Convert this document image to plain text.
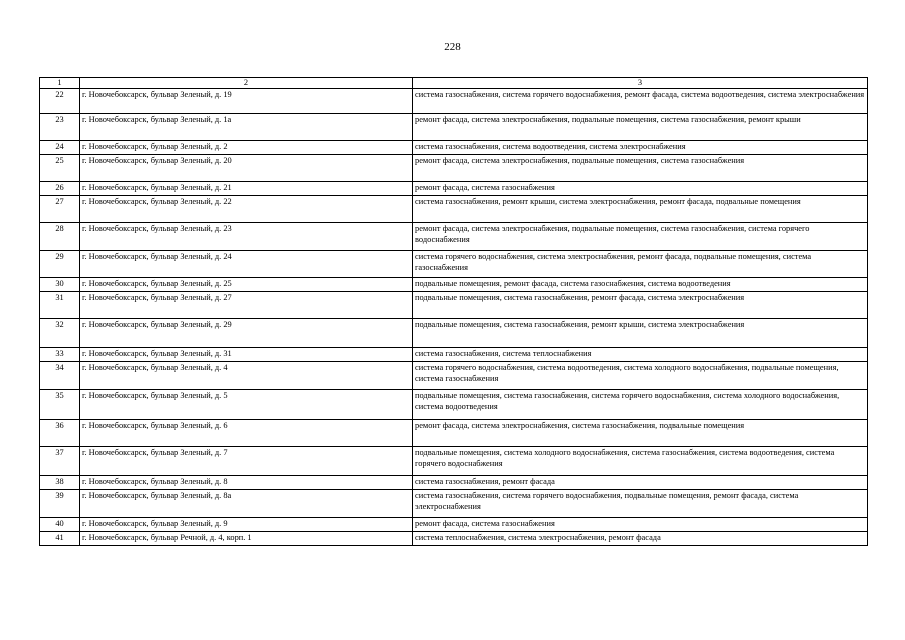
228
1	2	3
22	г. Новочебоксарск, бульвар Зеленый, д. 19	система газоснабжения, система горячего водоснабжения, ремонт фасада, система водоотведения, система электроснабжения
23	г. Новочебоксарск, бульвар Зеленый, д. 1а	ремонт фасада, система электроснабжения, подвальные помещения, система газоснабжения, ремонт крыши
24	г. Новочебоксарск, бульвар Зеленый, д. 2	система газоснабжения, система водоотведения, система электроснабжения
25	г. Новочебоксарск, бульвар Зеленый, д. 20	ремонт фасада, система электроснабжения, подвальные помещения, система газоснабжения
26	г. Новочебоксарск, бульвар Зеленый, д. 21	ремонт фасада, система газоснабжения
27	г. Новочебоксарск, бульвар Зеленый, д. 22	система газоснабжения, ремонт крыши, система электроснабжения, ремонт фасада, подвальные помещения
28	г. Новочебоксарск, бульвар Зеленый, д. 23	ремонт фасада, система электроснабжения, подвальные помещения, система газоснабжения, система горячего водоснабжения
29	г. Новочебоксарск, бульвар Зеленый, д. 24	система горячего водоснабжения, система электроснабжения, ремонт фасада, подвальные помещения, система газоснабжения
30	г. Новочебоксарск, бульвар Зеленый, д. 25	подвальные помещения, ремонт фасада, система газоснабжения, система водоотведения
31	г. Новочебоксарск, бульвар Зеленый, д. 27	подвальные помещения, система газоснабжения, ремонт фасада, система электроснабжения
32	г. Новочебоксарск, бульвар Зеленый, д. 29	подвальные помещения, система газоснабжения, ремонт крыши, система электроснабжения
33	г. Новочебоксарск, бульвар Зеленый, д. 31	система газоснабжения, система теплоснабжения
34	г. Новочебоксарск, бульвар Зеленый, д. 4	система горячего водоснабжения, система водоотведения, система холодного водоснабжения, подвальные помещения, система газоснабжения
35	г. Новочебоксарск, бульвар Зеленый, д. 5	подвальные помещения, система газоснабжения, система горячего водоснабжения, система холодного водоснабжения, система водоотведения
36	г. Новочебоксарск, бульвар Зеленый, д. 6	ремонт фасада, система электроснабжения, система газоснабжения, подвальные помещения
37	г. Новочебоксарск, бульвар Зеленый, д. 7	подвальные помещения, система холодного водоснабжения, система газоснабжения, система водоотведения, система горячего водоснабжения
38	г. Новочебоксарск, бульвар Зеленый, д. 8	система газоснабжения, ремонт фасада
39	г. Новочебоксарск, бульвар Зеленый, д. 8а	система газоснабжения, система горячего водоснабжения, подвальные помещения, ремонт фасада, система электроснабжения
40	г. Новочебоксарск, бульвар Зеленый, д. 9	ремонт фасада, система газоснабжения
41	г. Новочебоксарск, бульвар Речной, д. 4, корп. 1	система теплоснабжения, система электроснабжения, ремонт фасада
